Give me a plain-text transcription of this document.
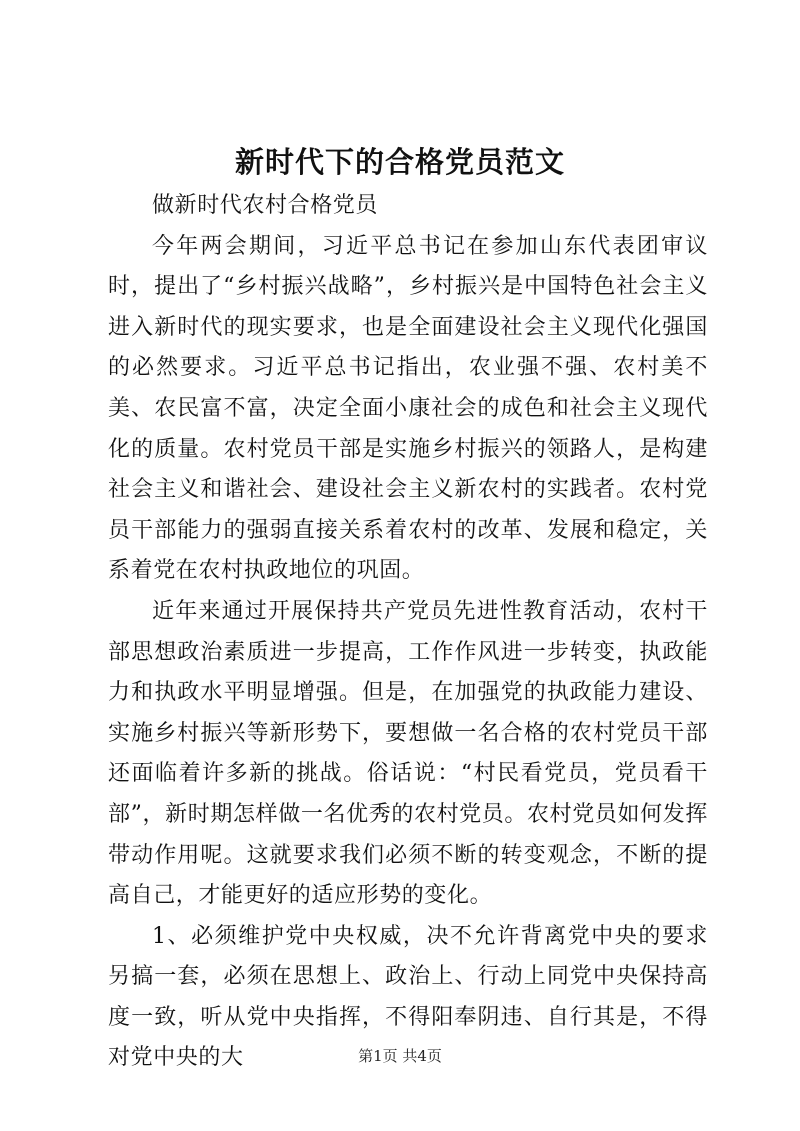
新时代下的合格党员范文

做新时代农村合格党员

今年两会期间，习近平总书记在参加山东代表团审议时，提出了“乡村振兴战略”，乡村振兴是中国特色社会主义进入新时代的现实要求，也是全面建设社会主义现代化强国的必然要求。习近平总书记指出，农业强不强、农村美不美、农民富不富，决定全面小康社会的成色和社会主义现代化的质量。农村党员干部是实施乡村振兴的领路人，是构建社会主义和谐社会、建设社会主义新农村的实践者。农村党员干部能力的强弱直接关系着农村的改革、发展和稳定，关系着党在农村执政地位的巩固。

近年来通过开展保持共产党员先进性教育活动，农村干部思想政治素质进一步提高，工作作风进一步转变，执政能力和执政水平明显增强。但是，在加强党的执政能力建设、实施乡村振兴等新形势下，要想做一名合格的农村党员干部还面临着许多新的挑战。俗话说：“村民看党员，党员看干部”，新时期怎样做一名优秀的农村党员。农村党员如何发挥带动作用呢。这就要求我们必须不断的转变观念，不断的提高自己，才能更好的适应形势的变化。

1、必须维护党中央权威，决不允许背离党中央的要求另搞一套，必须在思想上、政治上、行动上同党中央保持高度一致，听从党中央指挥，不得阳奉阴违、自行其是，不得对党中央的大	第1页 共4页
